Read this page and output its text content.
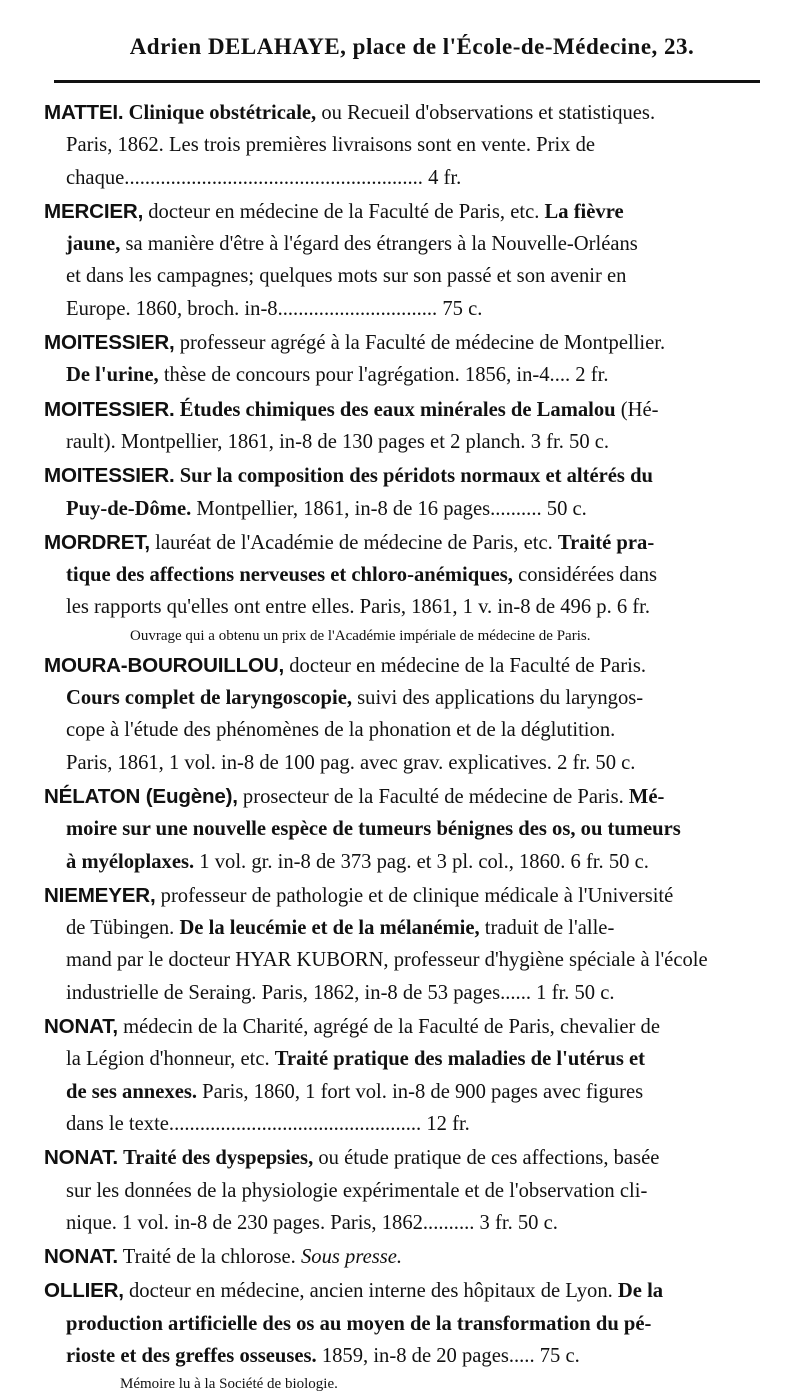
Adrien DELAHAYE, place de l'École-de-Médecine, 23.
MATTEI. Clinique obstétricale, ou Recueil d'observations et statistiques.
Paris, 1862. Les trois premières livraisons sont en vente. Prix de
chaque.......................................................... 4 fr.
MERCIER, docteur en médecine de la Faculté de Paris, etc. La fièvre
jaune, sa manière d'être à l'égard des étrangers à la Nouvelle-Orléans
et dans les campagnes; quelques mots sur son passé et son avenir en
Europe. 1860, broch. in-8............................... 75 c.
MOITESSIER, professeur agrégé à la Faculté de médecine de Montpellier.
De l'urine, thèse de concours pour l'agrégation. 1856, in-4.... 2 fr.
MOITESSIER. Études chimiques des eaux minérales de Lamalou (Hé-
rault). Montpellier, 1861, in-8 de 130 pages et 2 planch. 3 fr. 50 c.
MOITESSIER. Sur la composition des péridots normaux et altérés du
Puy-de-Dôme. Montpellier, 1861, in-8 de 16 pages.......... 50 c.
MORDRET, lauréat de l'Académie de médecine de Paris, etc. Traité pra-
tique des affections nerveuses et chloro-anémiques, considérées dans
les rapports qu'elles ont entre elles. Paris, 1861, 1 v. in-8 de 496 p. 6 fr.
Ouvrage qui a obtenu un prix de l'Académie impériale de médecine de Paris.
MOURA-BOUROUILLOU, docteur en médecine de la Faculté de Paris.
Cours complet de laryngoscopie, suivi des applications du laryngos-
cope à l'étude des phénomènes de la phonation et de la déglutition.
Paris, 1861, 1 vol. in-8 de 100 pag. avec grav. explicatives. 2 fr. 50 c.
NÉLATON (Eugène), prosecteur de la Faculté de médecine de Paris. Mé-
moire sur une nouvelle espèce de tumeurs bénignes des os, ou tumeurs
à myéloplaxes. 1 vol. gr. in-8 de 373 pag. et 3 pl. col., 1860. 6 fr. 50 c.
NIEMEYER, professeur de pathologie et de clinique médicale à l'Université
de Tübingen. De la leucémie et de la mélanémie, traduit de l'alle-
mand par le docteur HYAR KUBORN, professeur d'hygiène spéciale à l'école
industrielle de Seraing. Paris, 1862, in-8 de 53 pages...... 1 fr. 50 c.
NONAT, médecin de la Charité, agrégé de la Faculté de Paris, chevalier de
la Légion d'honneur, etc. Traité pratique des maladies de l'utérus et
de ses annexes. Paris, 1860, 1 fort vol. in-8 de 900 pages avec figures
dans le texte................................................. 12 fr.
NONAT. Traité des dyspepsies, ou étude pratique de ces affections, basée
sur les données de la physiologie expérimentale et de l'observation cli-
nique. 1 vol. in-8 de 230 pages. Paris, 1862.......... 3 fr. 50 c.
NONAT. Traité de la chlorose. Sous presse.
OLLIER, docteur en médecine, ancien interne des hôpitaux de Lyon. De la
production artificielle des os au moyen de la transformation du pé-
rioste et des greffes osseuses. 1859, in-8 de 20 pages..... 75 c.
Mémoire lu à la Société de biologie.
